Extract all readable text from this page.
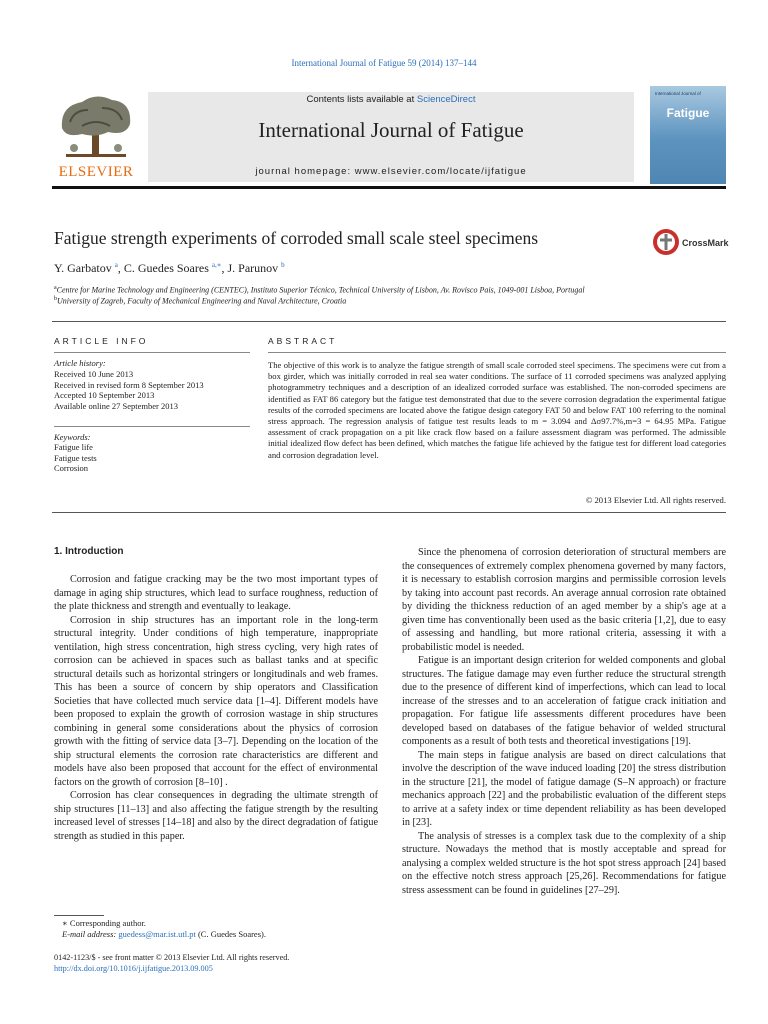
International Journal of Fatigue 59 (2014) 137–144
ELSEVIER
Contents lists available at ScienceDirect
International Journal of Fatigue
journal homepage: www.elsevier.com/locate/ijfatigue
International Journal of
Fatigue
Fatigue strength experiments of corroded small scale steel specimens	CrossMark
Y. Garbatov $^a$, C. Guedes Soares $^{a,∗}$, J. Parunov $^b$
$^a$Centre for Marine Technology and Engineering (CENTEC), Instituto Superior Técnico, Technical University of Lisbon, Av. Rovisco Pais, 1049-001 Lisboa, Portugal
$^b$University of Zagreb, Faculty of Mechanical Engineering and Naval Architecture, Croatia
ARTICLE INFO
Article history:
Received 10 June 2013
Received in revised form 8 September 2013
Accepted 10 September 2013
Available online 27 September 2013
Keywords:
Fatigue life
Fatigue tests
Corrosion
ABSTRACT
The objective of this work is to analyze the fatigue strength of small scale corroded steel specimens. The specimens were cut from a box girder, which was initially corroded in real sea water conditions. The surface of 11 corroded specimens was analyzed applying photogrammetry techniques and a description of an idealized corroded surface was established. The non-corroded specimens are identified as FAT 86 category but the fatigue test demonstrated that due to the severe corrosion degradation the experimental fatigue results of the corroded specimens are located above the fatigue design category FAT 50 and below FAT 100 referring to the nominal stress approach. The regression analysis of fatigue test results leads to m = 3.094 and Δσ97.7%,m=3 = 64.95 MPa. Fatigue assessment of crack propagation on a pit like crack flow based on a failure assessment diagram was performed. The admissible initial idealized flow defect has been defined, which matches the fatigue life achieved by the fatigue test for different load categories and corrosion degradation level.
© 2013 Elsevier Ltd. All rights reserved.
1. Introduction

Corrosion and fatigue cracking may be the two most important types of damage in aging ship structures, which lead to surface roughness, reduction of the plate thickness and strength and eventually to leakage.

Corrosion in ship structures has an important role in the long-term structural integrity. Under conditions of high temperature, inappropriate ventilation, high stress concentration, high stress cycling, very high rates of corrosion can be achieved in spaces such as ballast tanks and at specific structural details such as horizontal stringers or longitudinals and web frames. This has been a source of concern by ship operators and Classification Societies that have collected much service data [1–4]. Different models have been proposed to explain the growth of corrosion wastage in ship structures combining in general some considerations about the physics of corrosion growth with the fitting of service data [3–7]. Depending on the location of the ship structural elements the corrosion rate characteristics are different and models have also been proposed that account for the effect of environmental factors on the growth of corrosion [8–10] .

Corrosion has clear consequences in degrading the ultimate strength of ship structures [11–13] and also affecting the fatigue strength by the resulting increased level of stresses [14–18] and also by the direct degradation of fatigue strength as studied in this paper.

Since the phenomena of corrosion deterioration of structural members are the consequences of extremely complex phenomena governed by many factors, it is necessary to establish corrosion margins and permissible corrosion levels by taking into account past records. An average annual corrosion rate obtained by dividing the thickness reduction of an aged member by a ship's age at a given time has conventionally been used as the basic criteria [1,2], due to easy of assessing and handling, but more rational criteria, assessing it with a probabilistic model is needed.

Fatigue is an important design criterion for welded components and global structures. The fatigue damage may even further reduce the structural strength due to the presence of different kind of imperfections, which can lead to local increase of the stresses and to an acceleration of fatigue crack initiation and propagation. For fatigue life assessments different procedures have been developed based on databases of the fatigue behavior of welded structural components as a result of both tests and theoretical investigations [19].

The main steps in fatigue analysis are based on direct calculations that involve the description of the wave induced loading [20] the stress distribution in the structure [21], the model of fatigue damage (S–N approach) or fracture mechanics approach [22] and the probabilistic evaluation of the different steps to arrive at a safety index or time dependent reliability as has been developed in [23].

The analysis of stresses is a complex task due to the complexity of a ship structure. Nowadays the method that is mostly acceptable and spread for analysing a complex welded structure is the hot spot stress approach [24] based on the effective notch stress approach [25,26]. Recommendations for fatigue stress assessment can be found in guidelines [27–29].

∗ Corresponding author.
E-mail address: guedess@mar.ist.utl.pt (C. Guedes Soares).
0142-1123/$ - see front matter © 2013 Elsevier Ltd. All rights reserved.
http://dx.doi.org/10.1016/j.ijfatigue.2013.09.005
